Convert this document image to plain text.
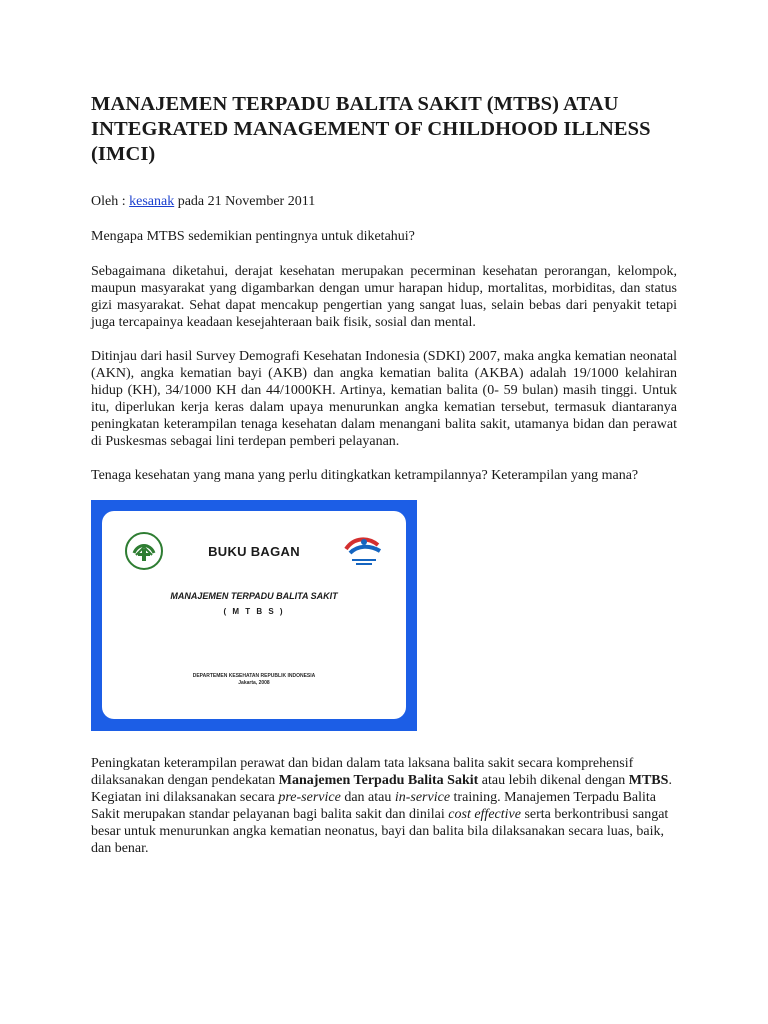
MANAJEMEN TERPADU BALITA SAKIT (MTBS) ATAU INTEGRATED MANAGEMENT OF CHILDHOOD ILLNESS (IMCI)

Oleh : kesanak pada 21 November 2011

Mengapa MTBS sedemikian pentingnya untuk diketahui?

Sebagaimana diketahui, derajat kesehatan merupakan pecerminan kesehatan perorangan, kelompok, maupun masyarakat yang digambarkan dengan umur harapan hidup, mortalitas, morbiditas, dan status gizi masyarakat. Sehat dapat mencakup pengertian yang sangat luas, selain bebas dari penyakit tetapi juga tercapainya keadaan kesejahteraan baik fisik, sosial dan mental.

Ditinjau dari hasil Survey Demografi Kesehatan Indonesia (SDKI) 2007, maka angka kematian neonatal (AKN), angka kematian bayi (AKB) dan angka kematian balita (AKBA) adalah 19/1000 kelahiran hidup (KH), 34/1000 KH dan 44/1000KH. Artinya, kematian balita (0- 59 bulan) masih tinggi. Untuk itu, diperlukan kerja keras dalam upaya menurunkan angka kematian tersebut, termasuk diantaranya peningkatan keterampilan tenaga kesehatan dalam menangani balita sakit, utamanya bidan dan perawat di Puskesmas sebagai lini terdepan pemberi pelayanan.

Tenaga kesehatan yang mana yang perlu ditingkatkan ketrampilannya? Keterampilan yang mana?

BUKU BAGAN
MANAJEMEN TERPADU BALITA SAKIT
( M T B S )
DEPARTEMEN KESEHATAN REPUBLIK INDONESIA
Jakarta, 2008

Peningkatan keterampilan perawat dan bidan dalam tata laksana balita sakit secara komprehensif dilaksanakan dengan pendekatan Manajemen Terpadu Balita Sakit atau lebih dikenal dengan MTBS. Kegiatan ini dilaksanakan secara pre-service dan atau in-service training. Manajemen Terpadu Balita Sakit merupakan standar pelayanan bagi balita sakit dan dinilai cost effective serta berkontribusi sangat besar untuk menurunkan angka kematian neonatus, bayi dan balita bila dilaksanakan secara luas, baik, dan benar.
